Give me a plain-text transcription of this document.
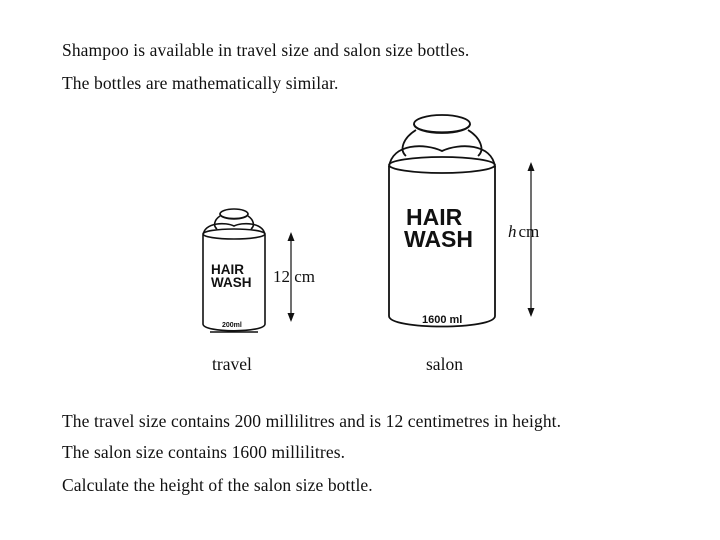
Shampoo is available in travel size and salon size bottles.
The bottles are mathematically similar.
HAIR
WASH
200ml
12 cm
travel
HAIR
WASH
1600 ml
h cm
salon
The travel size contains 200 millilitres and is 12 centimetres in height.
The salon size contains 1600 millilitres.
Calculate the height of the salon size bottle.
